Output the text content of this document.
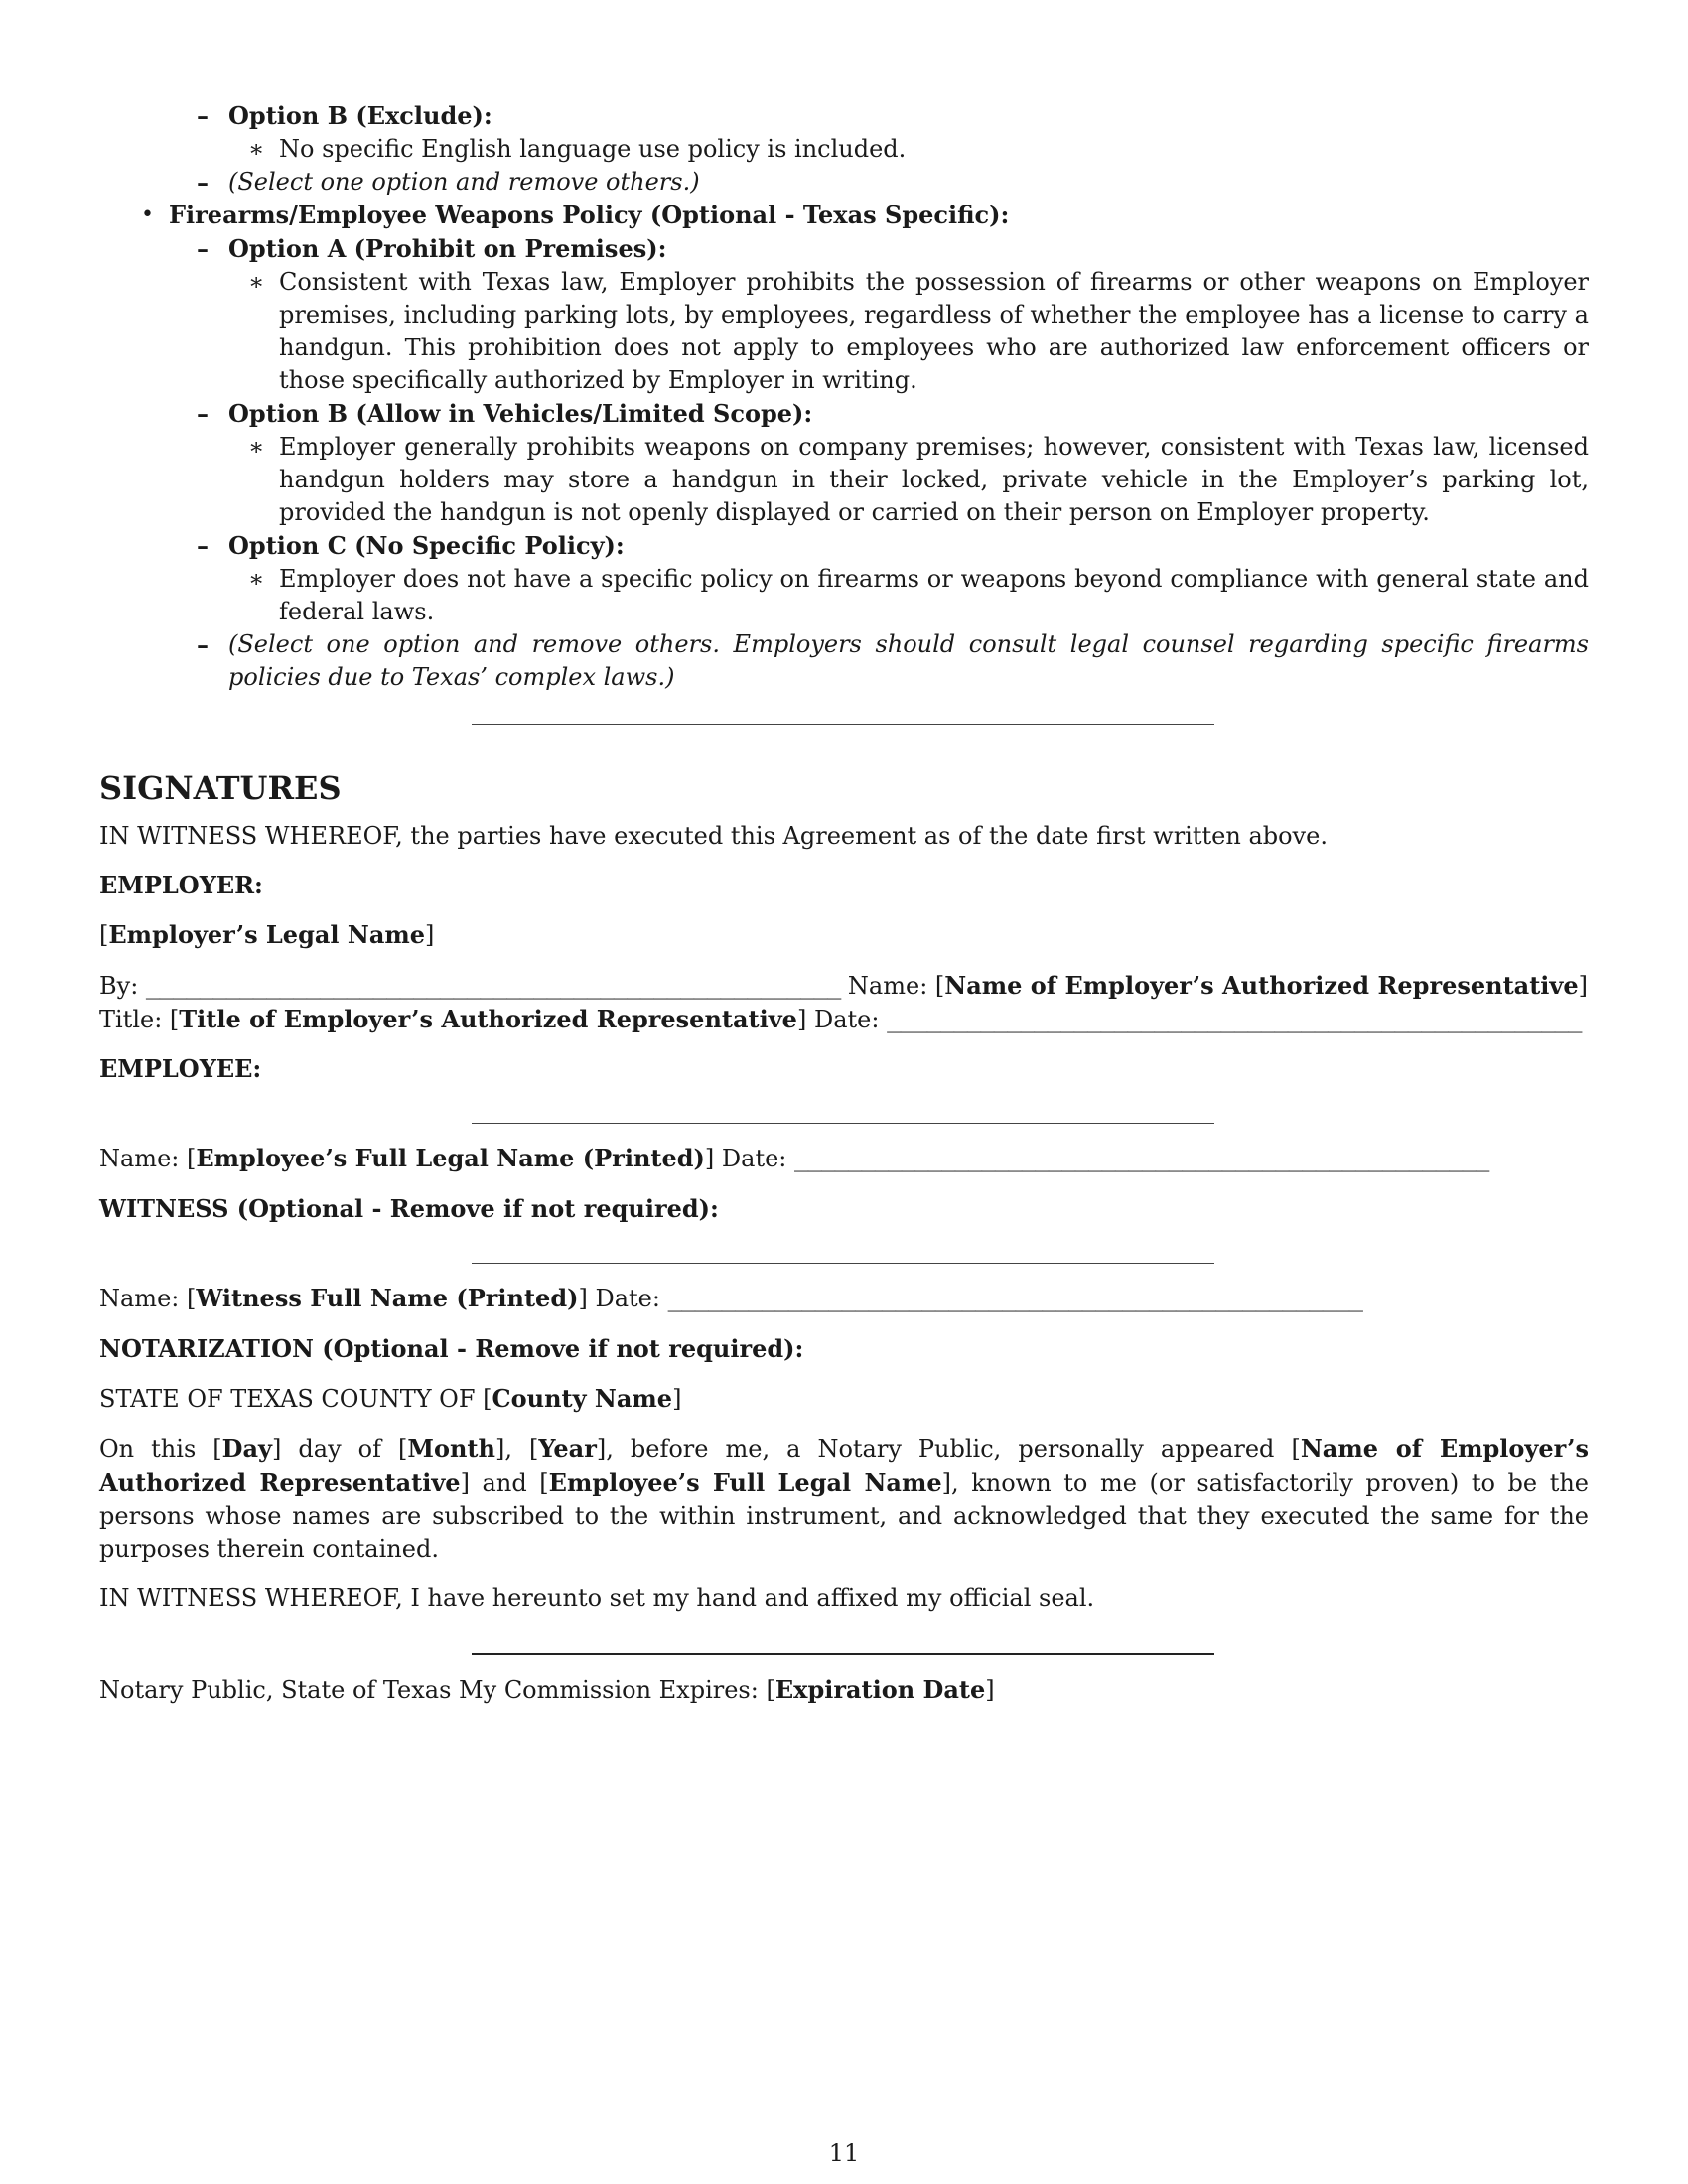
– Option B (Exclude):
∗ No specific English language use policy is included.
– (Select one option and remove others.)
• Firearms/Employee Weapons Policy (Optional - Texas Specific):
– Option A (Prohibit on Premises):
∗ Consistent with Texas law, Employer prohibits the possession of firearms or other weapons on Employer premises, including parking lots, by employees, regardless of whether the employee has a license to carry a handgun. This prohibition does not apply to employees who are authorized law enforcement officers or those specifically authorized by Employer in writing.
– Option B (Allow in Vehicles/Limited Scope):
∗ Employer generally prohibits weapons on company premises; however, consistent with Texas law, licensed handgun holders may store a handgun in their locked, private vehicle in the Employer’s parking lot, provided the handgun is not openly displayed or carried on their person on Employer property.
– Option C (No Specific Policy):
∗ Employer does not have a specific policy on firearms or weapons beyond compliance with general state and federal laws.
– (Select one option and remove others. Employers should consult legal counsel regarding specific firearms policies due to Texas’ complex laws.)
SIGNATURES

IN WITNESS WHEREOF, the parties have executed this Agreement as of the date first written above.

EMPLOYER:

[Employer’s Legal Name]

By: ____________________________________________________ Name: [Name of Employer’s Authorized Representative]

Title: [Title of Employer’s Authorized Representative] Date: ____________________________________________________

EMPLOYEE:

Name: [Employee’s Full Legal Name (Printed)] Date: ____________________________________________________

WITNESS (Optional - Remove if not required):

Name: [Witness Full Name (Printed)] Date: ____________________________________________________

NOTARIZATION (Optional - Remove if not required):

STATE OF TEXAS COUNTY OF [County Name]

On this [Day] day of [Month], [Year], before me, a Notary Public, personally appeared [Name of Employer’s Authorized Representative] and [Employee’s Full Legal Name], known to me (or satisfactorily proven) to be the persons whose names are subscribed to the within instrument, and acknowledged that they executed the same for the purposes therein contained.

IN WITNESS WHEREOF, I have hereunto set my hand and affixed my official seal.

Notary Public, State of Texas My Commission Expires: [Expiration Date]

11
